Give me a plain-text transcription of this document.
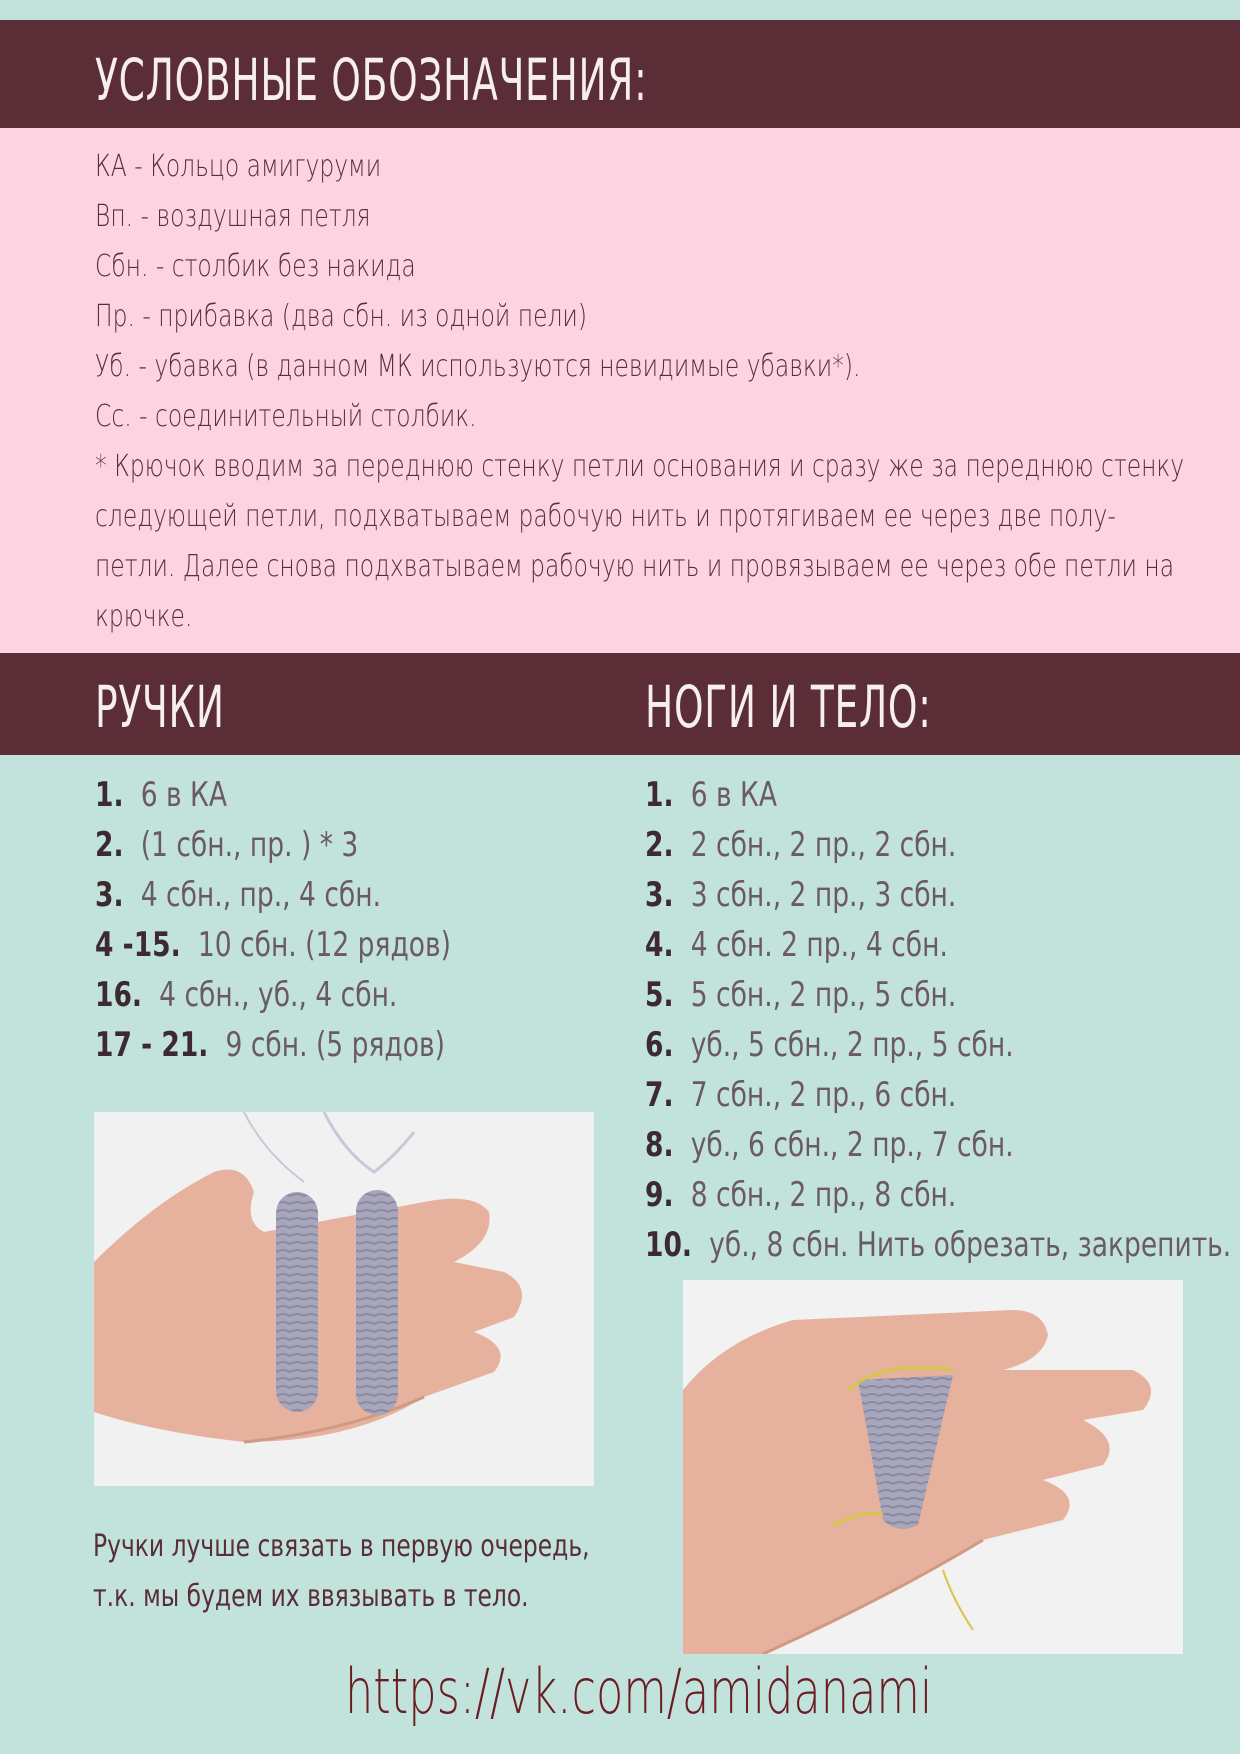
УСЛОВНЫЕ ОБОЗНАЧЕНИЯ:
КА - Кольцо амигуруми
Вп. - воздушная петля
Сбн. - столбик без накида
Пр. - прибавка (два сбн. из одной пели)
Уб. - убавка (в данном МК используются невидимые убавки*).
Сс. - соединительный столбик.
* Крючок вводим за переднюю стенку петли основания и сразу же за переднюю стенку следующей петли, подхватываем рабочую нить и протягиваем ее через две полу-петли. Далее снова подхватываем рабочую нить и провязываем ее через обе петли на крючке.
РУЧКИ	НОГИ И ТЕЛО:
1. 6 в КА
2. (1 сбн., пр. ) * 3
3. 4 сбн., пр., 4 сбн.
4 -15. 10 сбн. (12 рядов)
16. 4 сбн., уб., 4 сбн.
17 - 21. 9 сбн. (5 рядов)
1. 6 в КА
2. 2 сбн., 2 пр., 2 сбн.
3. 3 сбн., 2 пр., 3 сбн.
4. 4 сбн. 2 пр., 4 сбн.
5. 5 сбн., 2 пр., 5 сбн.
6. уб., 5 сбн., 2 пр., 5 сбн.
7. 7 сбн., 2 пр., 6 сбн.
8. уб., 6 сбн., 2 пр., 7 сбн.
9. 8 сбн., 2 пр., 8 сбн.
10. уб., 8 сбн. Нить обрезать, закрепить.
Ручки лучше связать в первую очередь,
т.к. мы будем их ввязывать в тело.
https://vk.com/amidanami
